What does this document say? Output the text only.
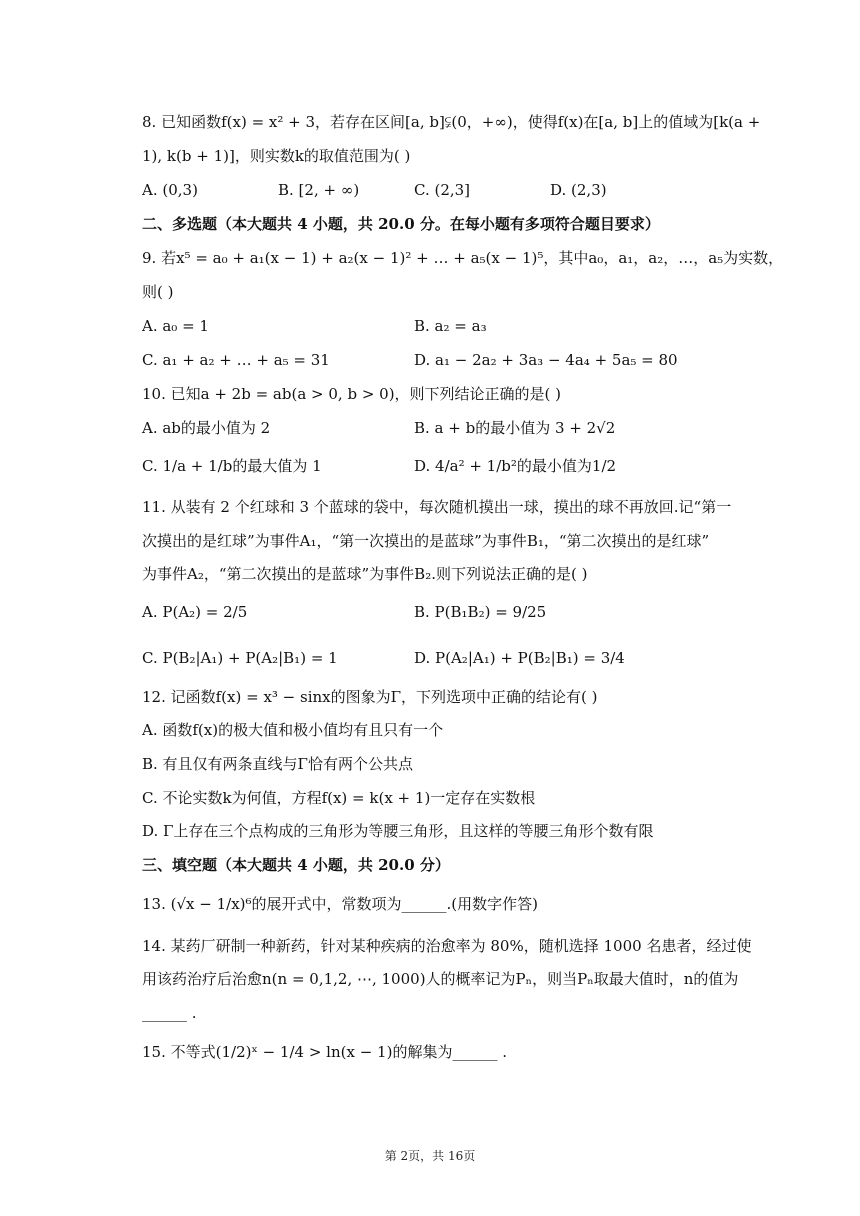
8. 已知函数f(x) = x² + 3，若存在区间[a, b]⫋(0，+∞)，使得f(x)在[a, b]上的值域为[k(a +
1), k(b + 1)]，则实数k的取值范围为( )
A. (0,3)	B. [2, + ∞)	C. (2,3]	D. (2,3)
二、多选题（本大题共 4 小题，共 20.0 分。在每小题有多项符合题目要求）
9. 若x⁵ = a₀ + a₁(x − 1) + a₂(x − 1)² + … + a₅(x − 1)⁵，其中a₀，a₁，a₂，…，a₅为实数，
则( )
A. a₀ = 1	B. a₂ = a₃
C. a₁ + a₂ + … + a₅ = 31	D. a₁ − 2a₂ + 3a₃ − 4a₄ + 5a₅ = 80
10. 已知a + 2b = ab(a > 0, b > 0)，则下列结论正确的是( )
A. ab的最小值为 2	B. a + b的最小值为 3 + 2√2
C. 1/a + 1/b的最大值为 1	D. 4/a² + 1/b²的最小值为1/2
11. 从装有 2 个红球和 3 个蓝球的袋中，每次随机摸出一球，摸出的球不再放回.记“第一
次摸出的是红球”为事件A₁，“第一次摸出的是蓝球”为事件B₁，“第二次摸出的是红球”
为事件A₂，“第二次摸出的是蓝球”为事件B₂.则下列说法正确的是( )
A. P(A₂) = 2/5	B. P(B₁B₂) = 9/25
C. P(B₂|A₁) + P(A₂|B₁) = 1	D. P(A₂|A₁) + P(B₂|B₁) = 3/4
12. 记函数f(x) = x³ − sinx的图象为Γ，下列选项中正确的结论有( )
A. 函数f(x)的极大值和极小值均有且只有一个
B. 有且仅有两条直线与Γ恰有两个公共点
C. 不论实数k为何值，方程f(x) = k(x + 1)一定存在实数根
D. Γ上存在三个点构成的三角形为等腰三角形，且这样的等腰三角形个数有限
三、填空题（本大题共 4 小题，共 20.0 分）
13. (√x − 1/x)⁶的展开式中，常数项为______.(用数字作答)
14. 某药厂研制一种新药，针对某种疾病的治愈率为 80%，随机选择 1000 名患者，经过使
用该药治疗后治愈n(n = 0,1,2, ⋯, 1000)人的概率记为Pₙ，则当Pₙ取最大值时，n的值为
______ .
15. 不等式(1/2)ˣ − 1/4 > ln(x − 1)的解集为______ .
第 2页，共 16页
